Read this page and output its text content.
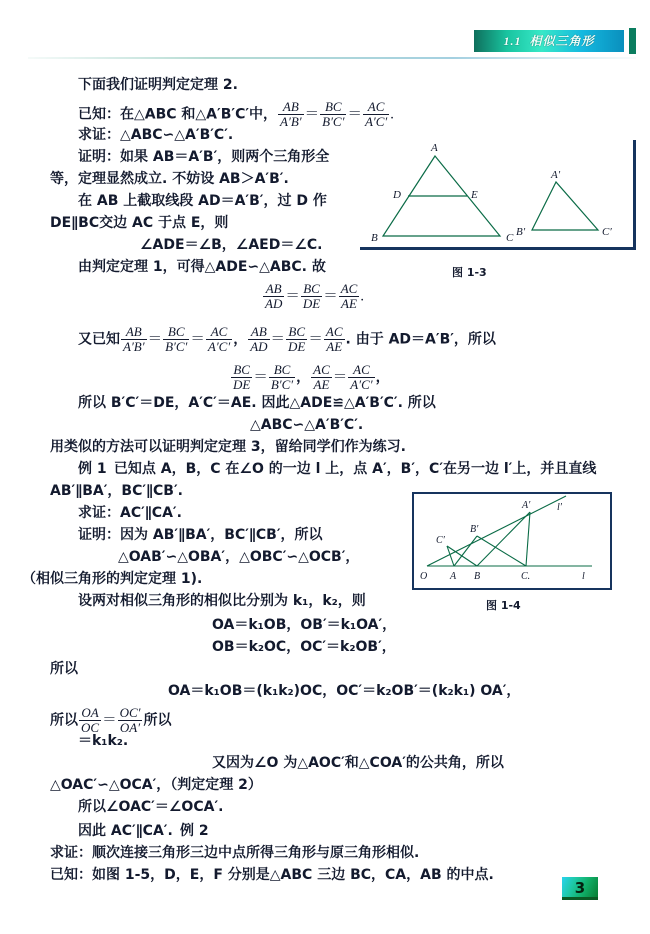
1.1 相似三角形
下面我们证明判定定理 2.
已知：在△ABC 和△A′B′C′中， $\frac{AB}{A'B'} = \frac{BC}{B'C'} = \frac{AC}{A'C'}$ .
求证：△ABC∽△A′B′C′.
证明：如果 AB＝A′B′，则两个三角形全
等，定理显然成立. 不妨设 AB＞A′B′.
在 AB 上截取线段 AD＝A′B′，过 D 作
DE∥BC交边 AC 于点 E，则
∠ADE＝∠B，∠AED＝∠C.
由判定定理 1，可得△ADE∽△ABC. 故
$\frac{AB}{AD} = \frac{BC}{DE} = \frac{AC}{AE}$ .
又已知 $\frac{AB}{A'B'} = \frac{BC}{B'C'} = \frac{AC}{A'C'}$ ， $\frac{AB}{AD} = \frac{BC}{DE} = \frac{AC}{AE}$ . 由于 AD＝A′B′，所以
$\frac{BC}{DE} = \frac{BC}{B'C'}$ ， $\frac{AC}{AE} = \frac{AC}{A'C'}$ ，
所以 B′C′＝DE，A′C′＝AE. 因此△ADE≌△A′B′C′. 所以
△ABC∽△A′B′C′.
用类似的方法可以证明判定定理 3，留给同学们作为练习.
例 1 已知点 A，B，C 在∠O 的一边 l 上，点 A′，B′，C′在另一边 l′上，并且直线
AB′∥BA′，BC′∥CB′.
求证：AC′∥CA′.
证明：因为 AB′∥BA′，BC′∥CB′，所以
△OAB′∽△OBA′，△OBC′∽△OCB′，
（相似三角形的判定定理 1).
设两对相似三角形的相似比分别为 k₁，k₂，则
OA＝k₁OB，OB′＝k₁OA′，
OB＝k₂OC，OC′＝k₂OB′，
所以
OA＝k₁OB＝(k₁k₂)OC，OC′＝k₂OB′＝(k₂k₁) OA′，
所以 $\frac{OA}{OC} = \frac{OC'}{OA'}$ 所以
＝k₁k₂.
又因为∠O 为△AOC′和△COA′的公共角，所以
△OAC′∽△OCA′，（判定定理 2）
所以∠OAC′＝∠OCA′.
因此 AC′∥CA′. 例 2
求证：顺次连接三角形三边中点所得三角形与原三角形相似.
已知：如图 1-5，D，E，F 分别是△ABC 三边 BC，CA，AB 的中点.
A
D	E
B	C
A′
B′	C′
图 1-3
A′	l′
B′
C′
O A B	C.	l
图 1-4
3
